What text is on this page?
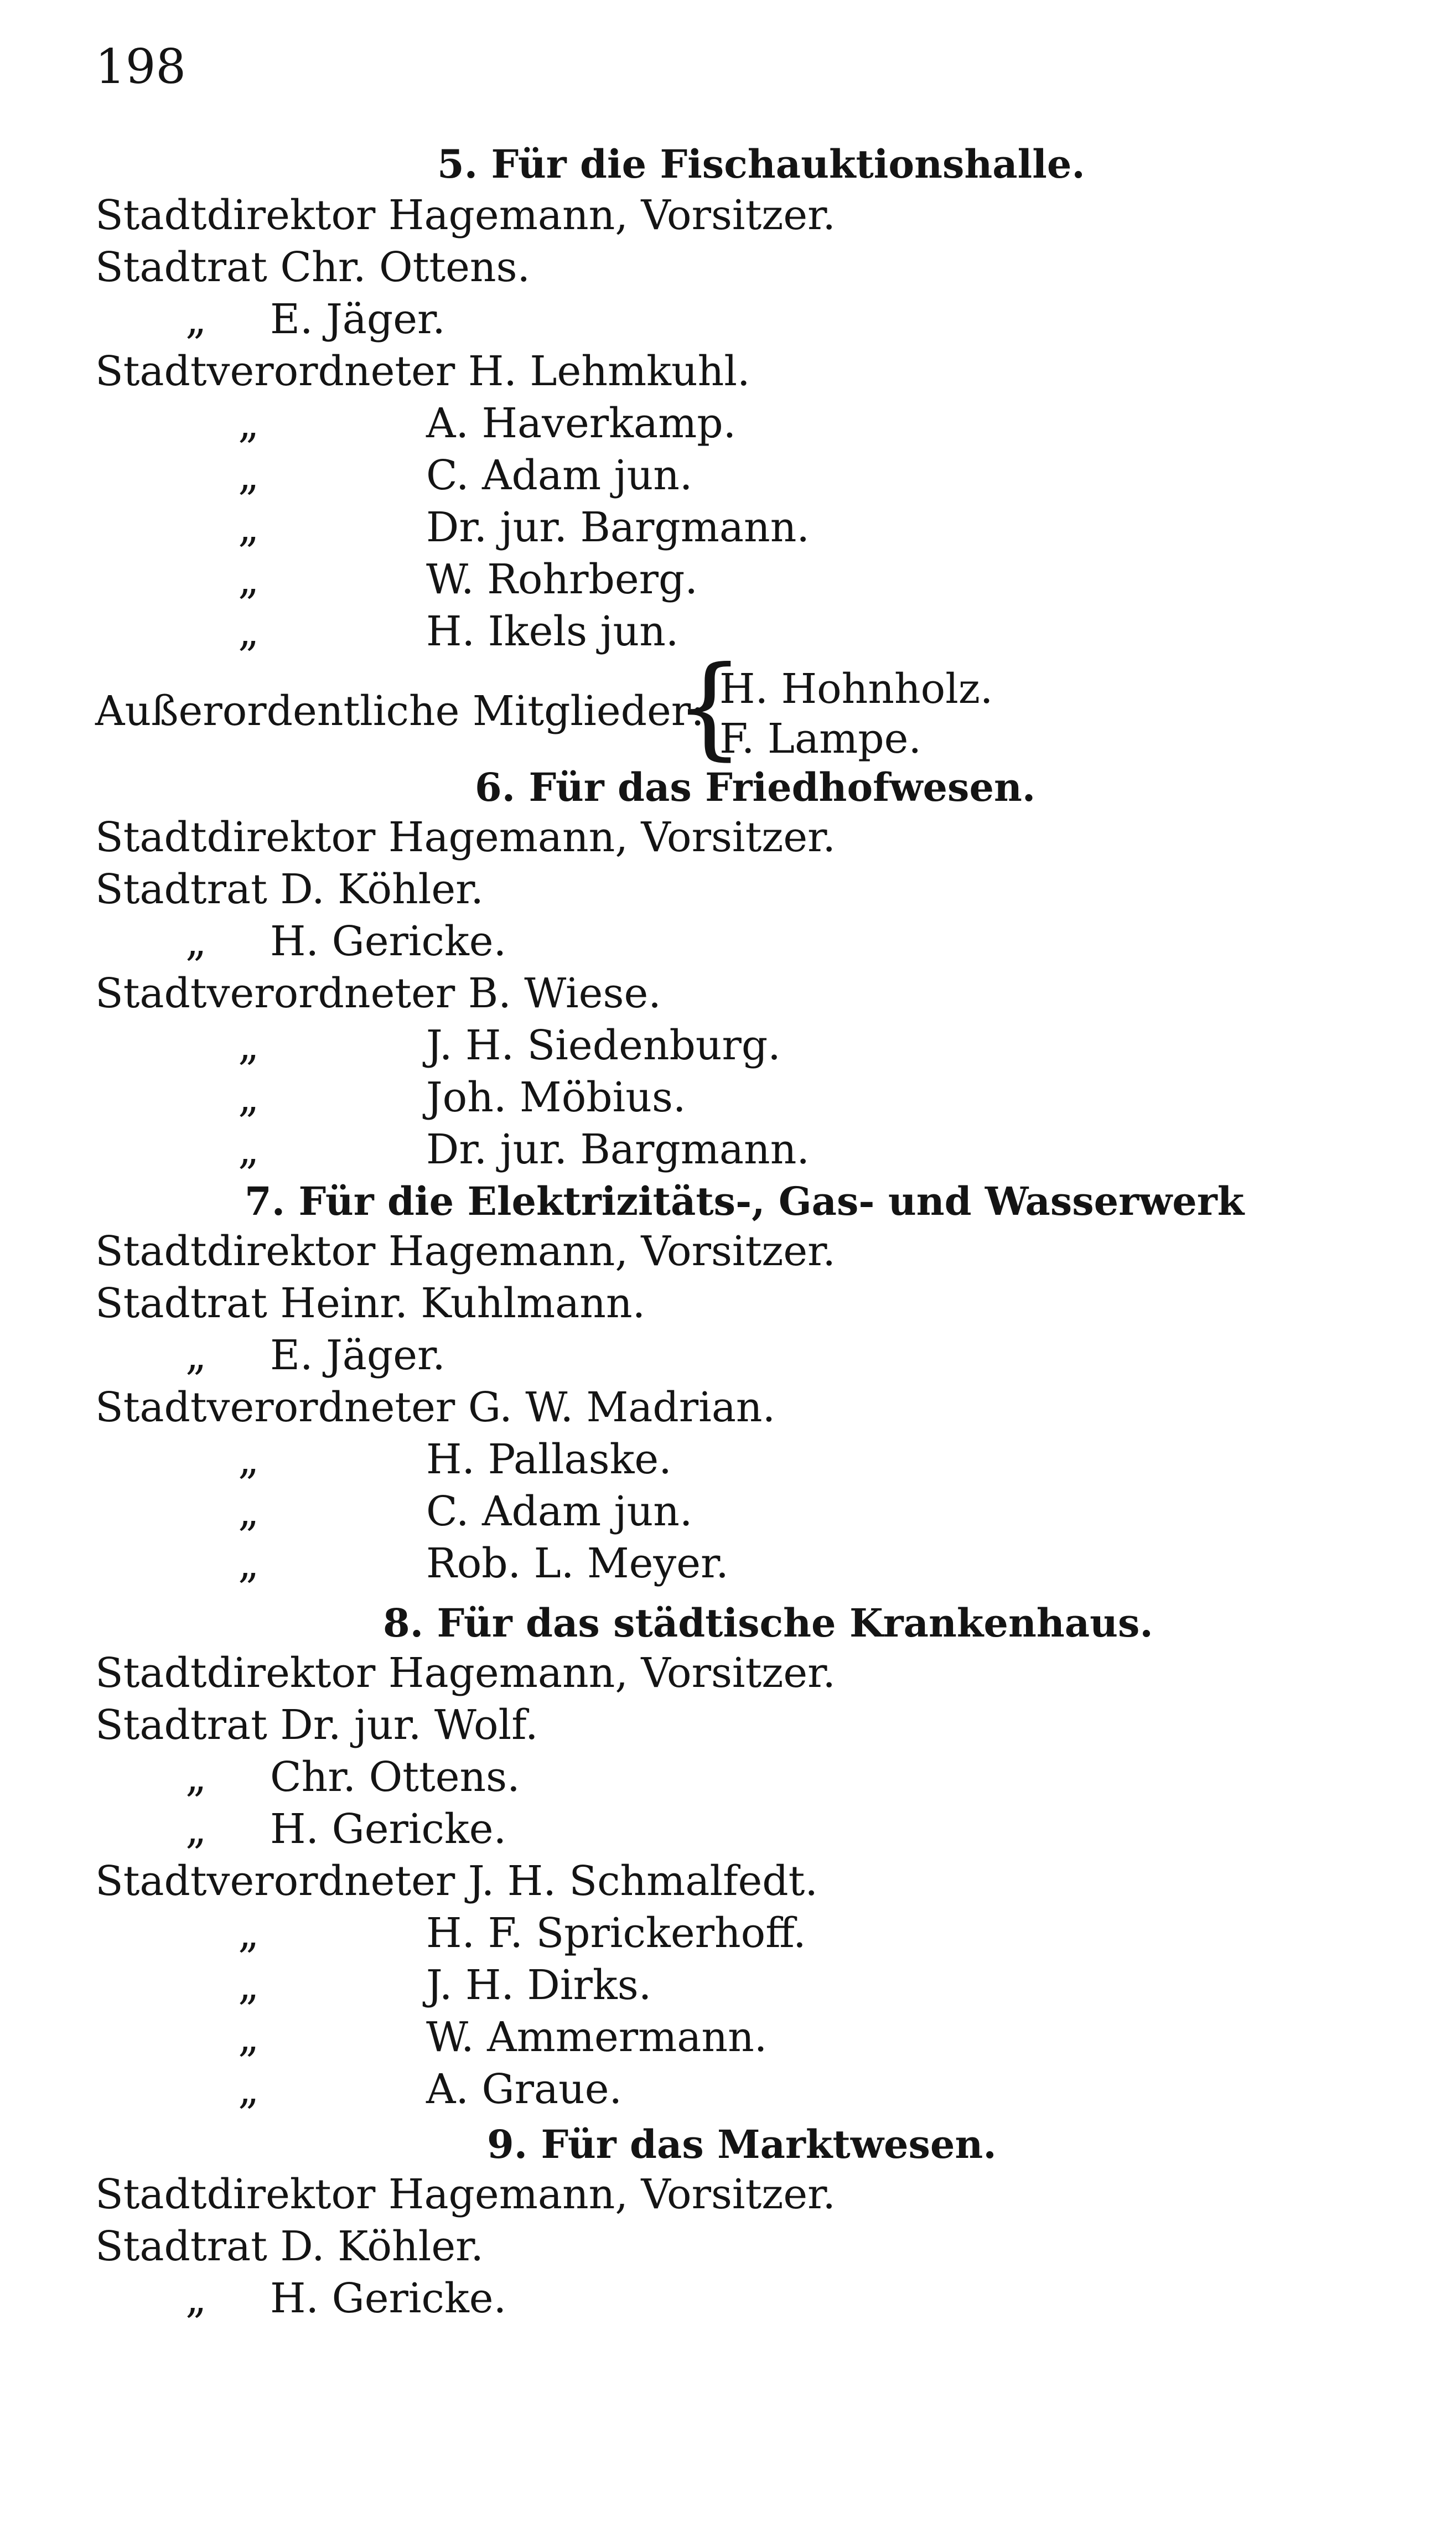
198
5. Für die Fischauktionshalle.
Stadtdirektor Hagemann, Vorsitzer.
Stadtrat Chr. Ottens.
„ E. Jäger.
Stadtverordneter H. Lehmkuhl.
„	A. Haverkamp.
„	C. Adam jun.
„	Dr. jur. Bargmann.
„	W. Rohrberg.
„	H. Ikels jun.
Außerordentliche Mitglieder:
{
H. Hohnholz.
F. Lampe.
6. Für das Friedhofwesen.
Stadtdirektor Hagemann, Vorsitzer.
Stadtrat D. Köhler.
„ H. Gericke.
Stadtverordneter B. Wiese.
„	J. H. Siedenburg.
„	Joh. Möbius.
„	Dr. jur. Bargmann.
7. Für die Elektrizitäts-, Gas- und Wasserwerk
Stadtdirektor Hagemann, Vorsitzer.
Stadtrat Heinr. Kuhlmann.
„ E. Jäger.
Stadtverordneter G. W. Madrian.
„	H. Pallaske.
„	C. Adam jun.
„	Rob. L. Meyer.
8. Für das städtische Krankenhaus.
Stadtdirektor Hagemann, Vorsitzer.
Stadtrat Dr. jur. Wolf.
„ Chr. Ottens.
„ H. Gericke.
Stadtverordneter J. H. Schmalfedt.
„	H. F. Sprickerhoff.
„	J. H. Dirks.
„	W. Ammermann.
„	A. Graue.
9. Für das Marktwesen.
Stadtdirektor Hagemann, Vorsitzer.
Stadtrat D. Köhler.
„ H. Gericke.
